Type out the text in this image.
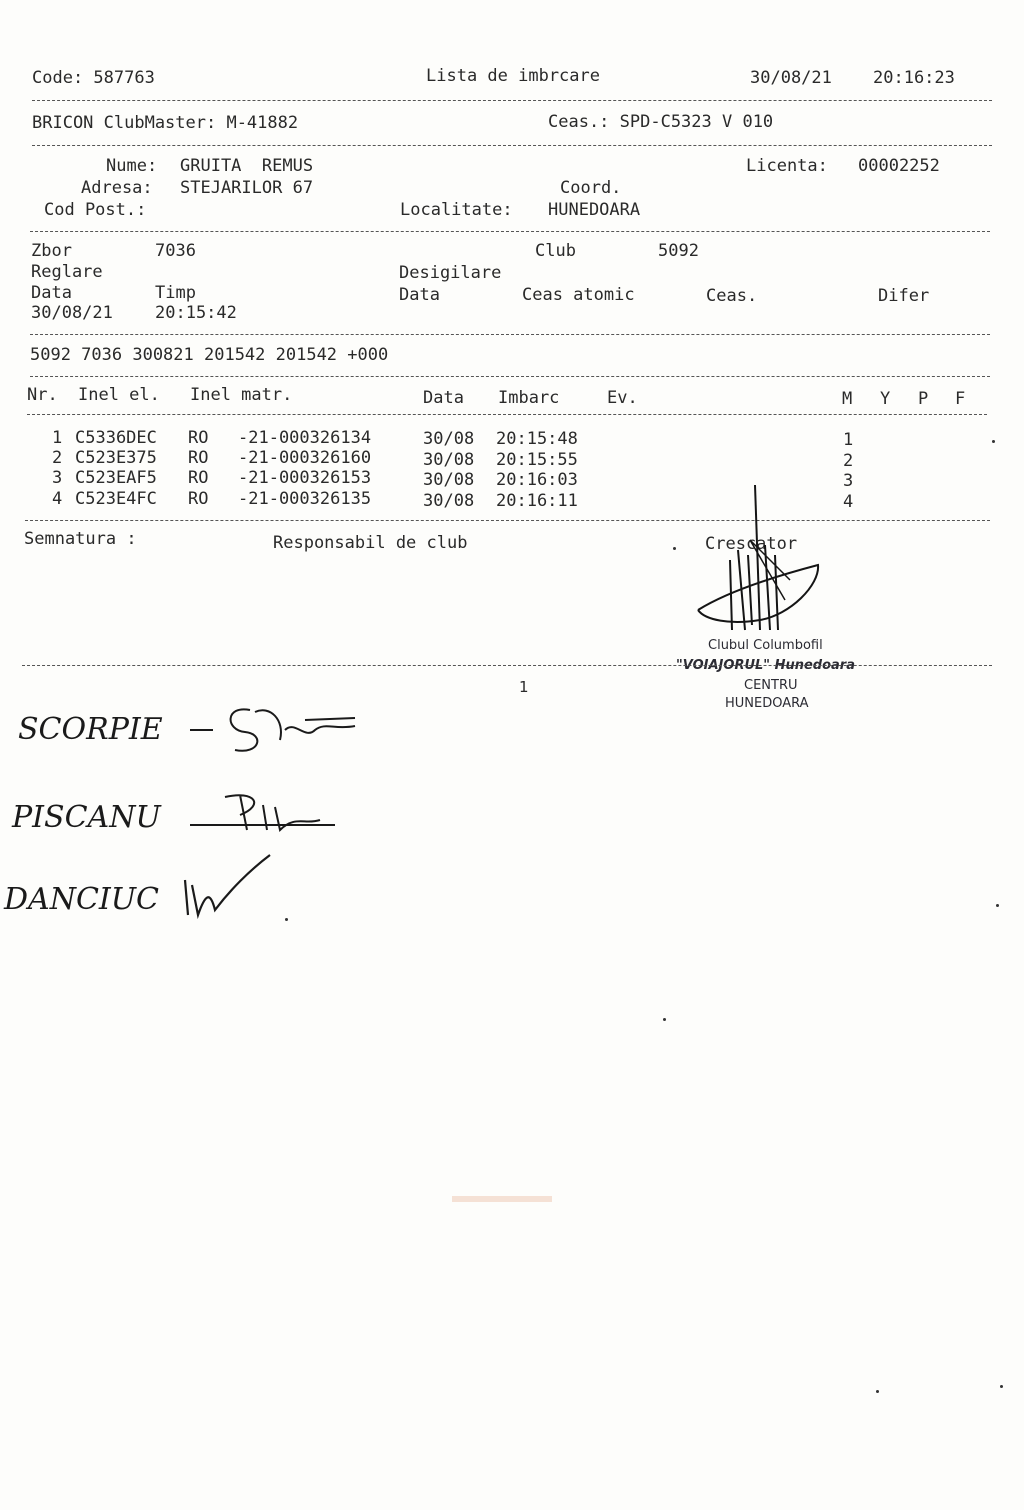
Code: 587763	Lista de imbrcare	30/08/21 20:16:23
BRICON ClubMaster: M-41882	Ceas.: SPD-C5323 V 010
Nume: GRUITA  REMUS	Licenta: 00002252
Adresa: STEJARILOR 67	Coord.
Cod Post.:	Localitate: HUNEDOARA
Zbor	7036	Club	5092
Reglare	Desigilare
Data	Timp	Data	Ceas atomic	Ceas.	Difer
30/08/21 20:15:42
5092 7036 300821 201542 201542 +000
Nr. Inel el. Inel matr.	Data Imbarc	Ev.	M Y P F
1 C5336DEC RO -21-000326134	30/08 20:15:48	1
2 C523E375 RO -21-000326160	30/08 20:15:55	2
3 C523EAF5 RO -21-000326153	30/08 20:16:03	3
4 C523E4FC RO -21-000326135	30/08 20:16:11	4
Semnatura :	Responsabil de club	Crescator
Clubul Columbofil
"VOIAJORUL" Hunedoara
CENTRU
HUNEDOARA
1
SCORPIE
PISCANU
DANCIUC
